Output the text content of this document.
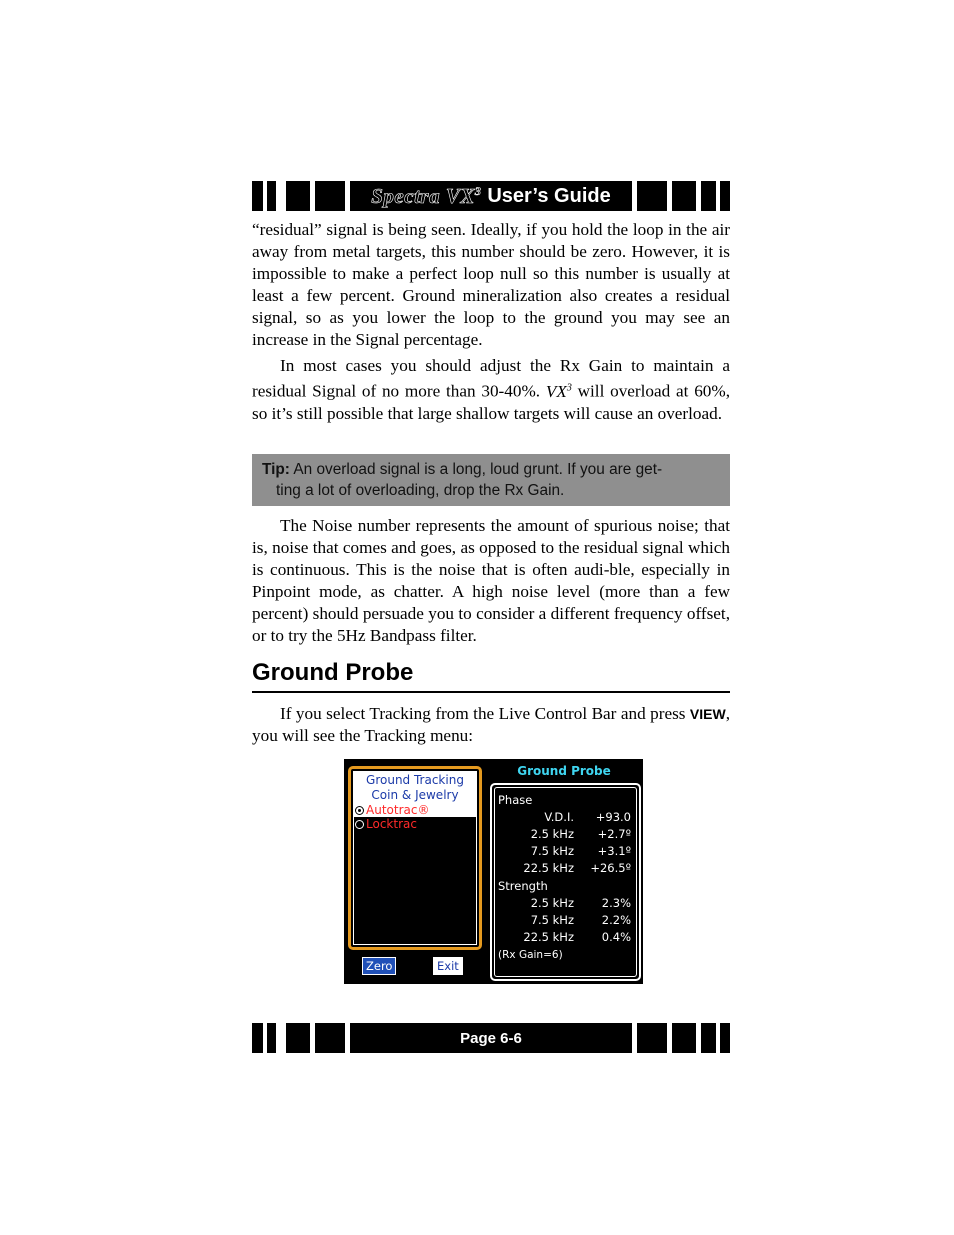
Spectra $VX^3$ User’s Guide

“residual” signal is being seen. Ideally, if you hold the loop in the air away from metal targets, this number should be zero. However, it is impossible to make a perfect loop null so this number is usually at least a few percent. Ground mineralization also creates a residual signal, so as you lower the loop to the ground you may see an increase in the Signal percentage.

In most cases you should adjust the Rx Gain to maintain a residual Signal of no more than 30-40%. $VX^3$ will overload at 60%, so it’s still possible that large shallow targets will cause an overload.

Tip: An overload signal is a long, loud grunt. If you are get-
ting a lot of overloading, drop the Rx Gain.

The Noise number represents the amount of spurious noise; that is, noise that comes and goes, as opposed to the residual signal which is continuous. This is the noise that is often audi-ble, especially in Pinpoint mode, as chatter. A high noise level (more than a few percent) should persuade you to consider a different frequency offset, or to try the 5Hz Bandpass filter.

Ground Probe

If you select Tracking from the Live Control Bar and press VIEW, you will see the Tracking menu:

Ground Tracking
Coin & Jewelry
Autotrac®
Locktrac
Ground Probe
Phase
V.D.I. +93.0
2.5 kHz +2.7º
7.5 kHz +3.1º
22.5 kHz +26.5º
Strength
2.5 kHz 2.3%
7.5 kHz 2.2%
22.5 kHz 0.4%
(Rx Gain=6)
Zero	Exit
Page 6-6
